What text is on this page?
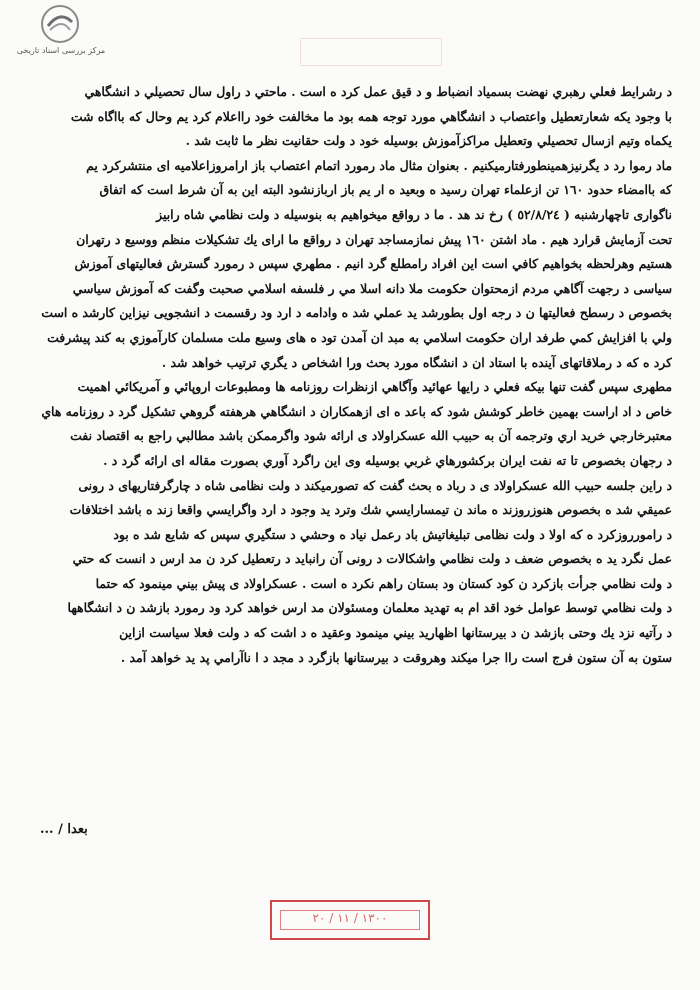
مرکز بررسی اسناد تاریخی
د رشرايط فعلي رهبري نهضت بسمياد انضباط و د قيق عمل كرد ه است . ماحتي د راول سال تحصيلي د انشگاهي
با وجود يكه شعارتعطيل واعتصاب د انشگاهي مورد توجه همه بود ما مخالفت خود رااعلام كرد يم وحال كه بااگاه شت
يكماه وتيم ازسال تحصيلي وتعطيل مراكزآموزش بوسيله خود د ولت حقانيت نظر ما ثابت شد .
ماد رموا رد د يگرنيزهمينطورفتارميكنيم . بعنوان مثال ماد رمورد اتمام اعتصاب باز ارامروزاعلاميه اى منتشركرد يم
كه باامضاء حدود ١٦٠ تن ازعلماء تهران رسيد ه وبعيد ه ار يم باز اربازنشود البته اين به آن شرط است كه اتفاق
ناگوارى تاچهارشنبه ( ٥٢/٨/٢٤ ) رخ ند هد . ما د رواقع ميخواهيم به بنوسيله د ولت نظامي شاه رابيز
تحت آزمايش قرارد هيم . ماد اشتن ١٦٠ پيش نمازمساجد تهران د رواقع ما ارای يك تشكيلات منظم ووسيع د رتهران
هستيم وهرلحظه بخواهيم كافي است اين افراد رامطلع گرد انيم . مطهري سپس د رمورد گسترش فعاليتهاى آموزش
سياسى د رجهت آگاهي مردم ازمحتوان حكومت ملا دانه اسلا مي ر فلسفه اسلامي صحبت وگفت كه آموزش سياسي
بخصوص د رسطح فعاليتها ن د رجه اول بطورشد يد عملي شد ه وادامه د ارد ود رقسمت د انشجويى نيزاين كارشد ه است
ولي با افزايش كمي طرفد اران حكومت اسلامي به مبد ان آمدن تود ه هاى وسيع ملت مسلمان كارآموزي به كند پيشرفت
كرد ه كه د رملاقاتهاى آينده با استاد ان د انشگاه مورد بحث ورا اشخاص د يگري ترتيب خواهد شد .
مطهرى سپس گفت تنها بيكه فعلي د رايها عهائيد وآگاهي ازنظرات روزنامه ها ومطبوعات اروپائي و آمريكائي اهميت
خاص د اد اراست بهمين خاطر كوشش شود كه باعد ه اى ازهمكاران د انشگاهي هرهفته گروهي تشكيل گرد د روزنامه هاي
معتبرخارجي خريد اري وترجمه آن به حبيب الله عسكراولاد ى ارائه شود واگرممكن باشد مطالبي راجع به اقتصاد نفت
د رجهان بخصوص تا ته نفت ايران بركشورهاي غربي بوسيله وى اين راگرد آوري بصورت مقاله اى ارائه گرد د .
د راين جلسه حبيب الله عسكراولاد ى د رباد ه بحث گفت كه تصورميكند د ولت نظامى شاه د چارگرفتاريهاى د رونى
عميقي شد ه بخصوص هنوزروزند ه ماند ن تيمسارايسي شك وترد يد وجود د ارد واگرايسي واقعا زند ه باشد اختلافات
د رامورروزكرد ه كه اولا د ولت نظامى تبليغاتيش باد رعمل نياد ه وحشي د ستگيري سپس كه شايع شد ه بود
عمل نگرد يد ه بخصوص ضعف د ولت نظامي واشكالات د رونى آن رانبايد د رتعطيل كرد ن مد ارس د انست كه حتي
د ولت نظامي جرأت بازكرد ن كود كستان ود بستان راهم نكرد ه است . عسكراولاد ى پيش بيني مينمود كه حتما
د ولت نظامي توسط عوامل خود اقد ام به تهديد معلمان ومسئولان مد ارس خواهد كرد ود رمورد بازشد ن د انشگاهها
د رآتيه نزد يك وحتى بازشد ن د بيرستانها اظهاريد بيني مينمود وعقيد ه د اشت كه د ولت فعلا سياست ازاين
ستون به آن ستون فرج است راا جرا ميكند وهروقت د بيرستانها بازگرد د مجد د ا ناآرامي پد يد خواهد آمد .
بعدا / ...
۱۳۰۰ / ۱۱ / ۲۰
